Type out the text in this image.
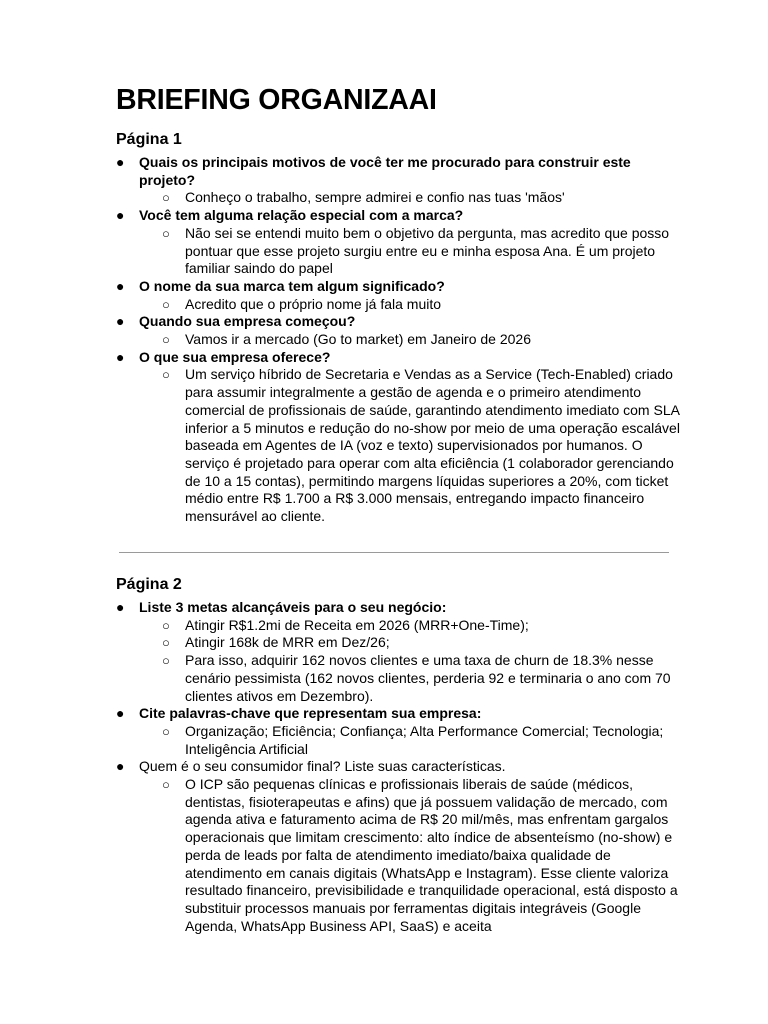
BRIEFING ORGANIZAAI
Página 1
● Quais os principais motivos de você ter me procurado para construir este projeto?
○ Conheço o trabalho, sempre admirei e confio nas tuas 'mãos'
● Você tem alguma relação especial com a marca?
○ Não sei se entendi muito bem o objetivo da pergunta, mas acredito que posso pontuar que esse projeto surgiu entre eu e minha esposa Ana. É um projeto familiar saindo do papel
● O nome da sua marca tem algum significado?
○ Acredito que o próprio nome já fala muito
● Quando sua empresa começou?
○ Vamos ir a mercado (Go to market) em Janeiro de 2026
● O que sua empresa oferece?
○ Um serviço híbrido de Secretaria e Vendas as a Service (Tech-Enabled) criado para assumir integralmente a gestão de agenda e o primeiro atendimento comercial de profissionais de saúde, garantindo atendimento imediato com SLA inferior a 5 minutos e redução do no-show por meio de uma operação escalável baseada em Agentes de IA (voz e texto) supervisionados por humanos. O serviço é projetado para operar com alta eficiência (1 colaborador gerenciando de 10 a 15 contas), permitindo margens líquidas superiores a 20%, com ticket médio entre R$ 1.700 a R$ 3.000 mensais, entregando impacto financeiro mensurável ao cliente.
Página 2
● Liste 3 metas alcançáveis para o seu negócio:
○ Atingir R$1.2mi de Receita em 2026 (MRR+One-Time);
○ Atingir 168k de MRR em Dez/26;
○ Para isso, adquirir 162 novos clientes e uma taxa de churn de 18.3% nesse cenário pessimista (162 novos clientes, perderia 92 e terminaria o ano com 70 clientes ativos em Dezembro).
● Cite palavras-chave que representam sua empresa:
○ Organização; Eficiência; Confiança; Alta Performance Comercial; Tecnologia; Inteligência Artificial
● Quem é o seu consumidor final? Liste suas características.
○ O ICP são pequenas clínicas e profissionais liberais de saúde (médicos, dentistas, fisioterapeutas e afins) que já possuem validação de mercado, com agenda ativa e faturamento acima de R$ 20 mil/mês, mas enfrentam gargalos operacionais que limitam crescimento: alto índice de absenteísmo (no-show) e perda de leads por falta de atendimento imediato/baixa qualidade de atendimento em canais digitais (WhatsApp e Instagram). Esse cliente valoriza resultado financeiro, previsibilidade e tranquilidade operacional, está disposto a substituir processos manuais por ferramentas digitais integráveis (Google Agenda, WhatsApp Business API, SaaS) e aceita
